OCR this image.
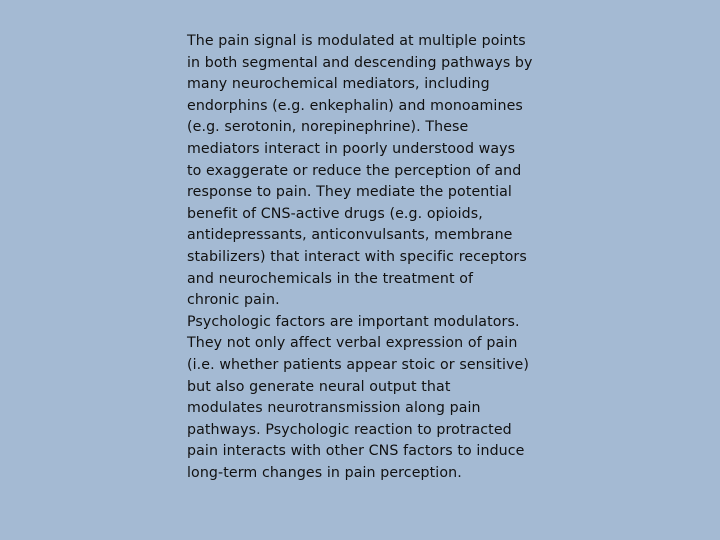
The pain signal is modulated at multiple points
in both segmental and descending pathways by
many neurochemical mediators, including
endorphins (e.g. enkephalin) and monoamines
(e.g. serotonin, norepinephrine). These
mediators interact in poorly understood ways
to exaggerate or reduce the perception of and
response to pain. They mediate the potential
benefit of CNS-active drugs (e.g. opioids,
antidepressants, anticonvulsants, membrane
stabilizers) that interact with specific receptors
and neurochemicals in the treatment of
chronic pain.
Psychologic factors are important modulators.
They not only affect verbal expression of pain
(i.e. whether patients appear stoic or sensitive)
but also generate neural output that
modulates neurotransmission along pain
pathways. Psychologic reaction to protracted
pain interacts with other CNS factors to induce
long-term changes in pain perception.
